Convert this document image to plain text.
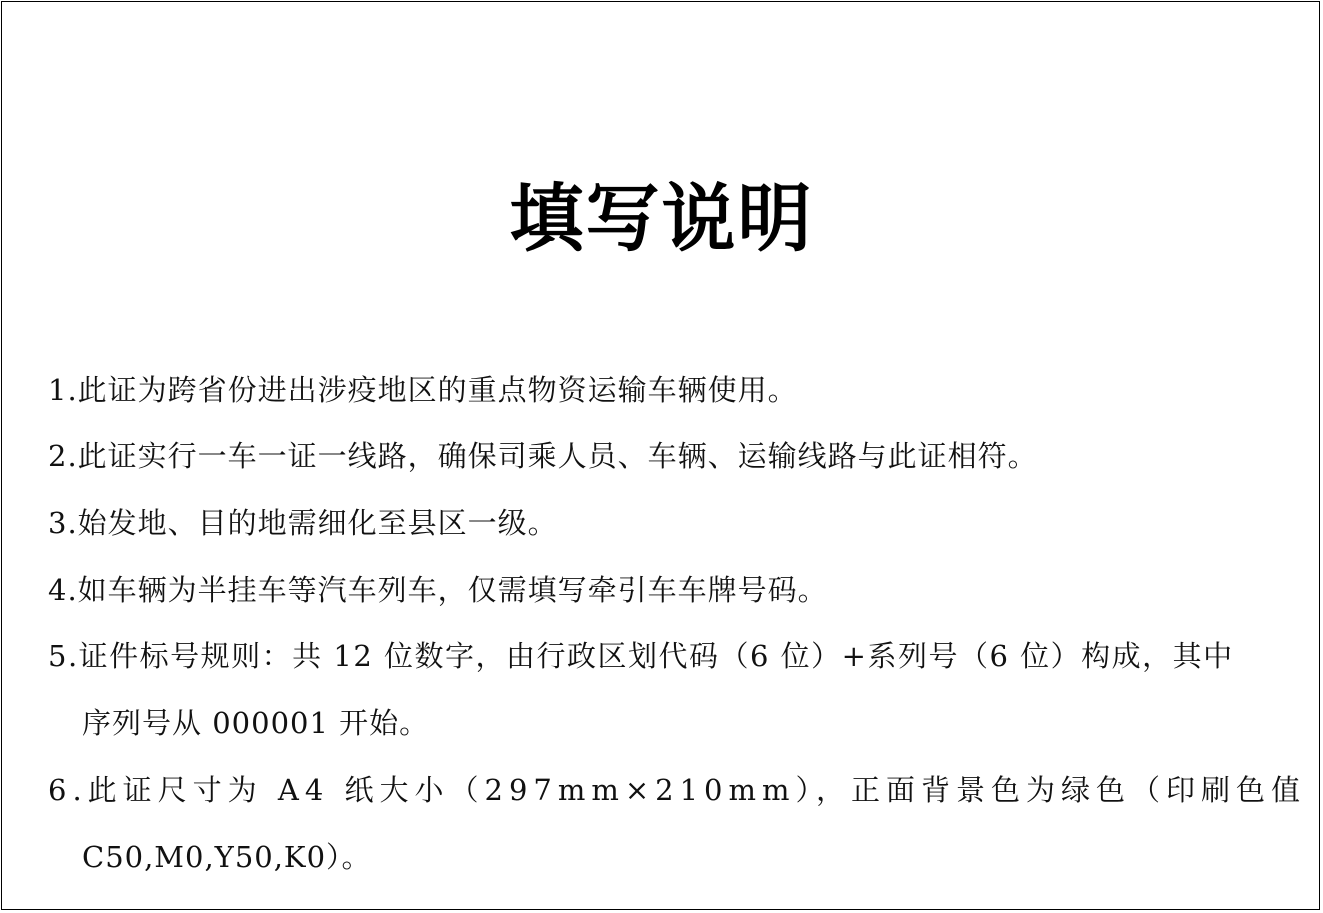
填写说明
1.此证为跨省份进出涉疫地区的重点物资运输车辆使用。
2.此证实行一车一证一线路，确保司乘人员、车辆、运输线路与此证相符。
3.始发地、目的地需细化至县区一级。
4.如车辆为半挂车等汽车列车，仅需填写牵引车车牌号码。
5.证件标号规则：共 12 位数字，由行政区划代码（6 位）+系列号（6 位）构成，其中
序列号从 000001 开始。
6.此证尺寸为 A4 纸大小（297mm×210mm），正面背景色为绿色（印刷色值
C50,M0,Y50,K0）。
